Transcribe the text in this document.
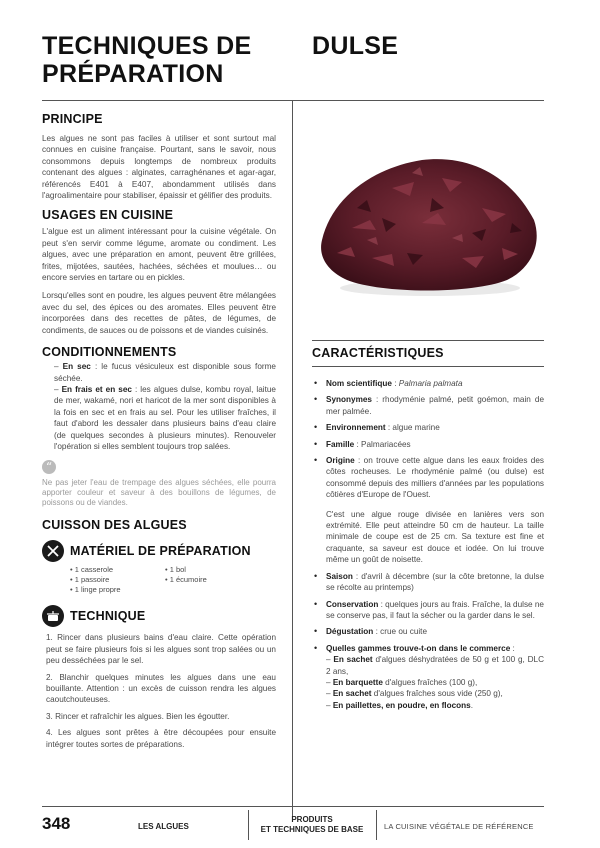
TECHNIQUES DE
PRÉPARATION
DULSE
PRINCIPE
Les algues ne sont pas faciles à utiliser et sont surtout mal connues en cuisine française. Pourtant, sans le savoir, nous consommons depuis longtemps de nombreux produits contenant des algues : alginates, carraghénanes et agar-agar, référencés E401 à E407, abondamment utilisés dans l'agroalimentaire pour stabiliser, épaissir et gélifier des produits.
USAGES EN CUISINE
L'algue est un aliment intéressant pour la cuisine végétale. On peut s'en servir comme légume, aromate ou condiment. Les algues, avec une préparation en amont, peuvent être grillées, frites, mijotées, sautées, hachées, séchées et moulues… ou encore servies en tartare ou en pickles.
Lorsqu'elles sont en poudre, les algues peuvent être mélangées avec du sel, des épices ou des aromates. Elles peuvent être incorporées dans des recettes de pâtes, de légumes, de condiments, de sauces ou de poissons et de viandes cuisinés.
CONDITIONNEMENTS
– En sec : le fucus vésiculeux est disponible sous forme séchée.
– En frais et en sec : les algues dulse, kombu royal, laitue de mer, wakamé, nori et haricot de la mer sont disponibles à la fois en sec et en frais au sel. Pour les utiliser fraîches, il faut d'abord les dessaler dans plusieurs bains d'eau claire (de quelques secondes à plusieurs minutes). Renouveler l'opération si elles semblent toujours trop salées.
“
Ne pas jeter l'eau de trempage des algues séchées, elle pourra apporter couleur et saveur à des bouillons de légumes, de poissons ou de viandes.
CUISSON DES ALGUES
MATÉRIEL DE PRÉPARATION
• 1 casserole
• 1 passoire
• 1 linge propre
• 1 bol
• 1 écumoire
TECHNIQUE
1. Rincer dans plusieurs bains d'eau claire. Cette opération peut se faire plusieurs fois si les algues sont trop salées ou un peu desséchées par le sel.
2. Blanchir quelques minutes les algues dans une eau bouillante. Attention : un excès de cuisson rendra les algues caoutchouteuses.
3. Rincer et rafraîchir les algues. Bien les égoutter.
4. Les algues sont prêtes à être découpées pour ensuite intégrer toutes sortes de préparations.
CARACTÉRISTIQUES
• Nom scientifique : Palmaria palmata
• Synonymes : rhodyménie palmé, petit goémon, main de mer palmée.
• Environnement : algue marine
• Famille : Palmariacées
• Origine : on trouve cette algue dans les eaux froides des côtes rocheuses. Le rhodyménie palmé (ou dulse) est consommé depuis des milliers d'années par les populations côtières d'Europe de l'Ouest.
C'est une algue rouge divisée en lanières vers son extrémité. Elle peut atteindre 50 cm de hauteur. La taille minimale de coupe est de 25 cm. Sa texture est fine et craquante, sa saveur est douce et iodée. On lui trouve même un goût de noisette.
• Saison : d'avril à décembre (sur la côte bretonne, la dulse se récolte au printemps)
• Conservation : quelques jours au frais. Fraîche, la dulse ne se conserve pas, il faut la sécher ou la garder dans le sel.
• Dégustation : crue ou cuite
• Quelles gammes trouve-t-on dans le commerce :
– En sachet d'algues déshydratées de 50 g et 100 g, DLC 2 ans,
– En barquette d'algues fraîches (100 g),
– En sachet d'algues fraîches sous vide (250 g),
– En paillettes, en poudre, en flocons.
348	LES ALGUES
PRODUITS
ET TECHNIQUES DE BASE	LA CUISINE VÉGÉTALE DE RÉFÉRENCE
